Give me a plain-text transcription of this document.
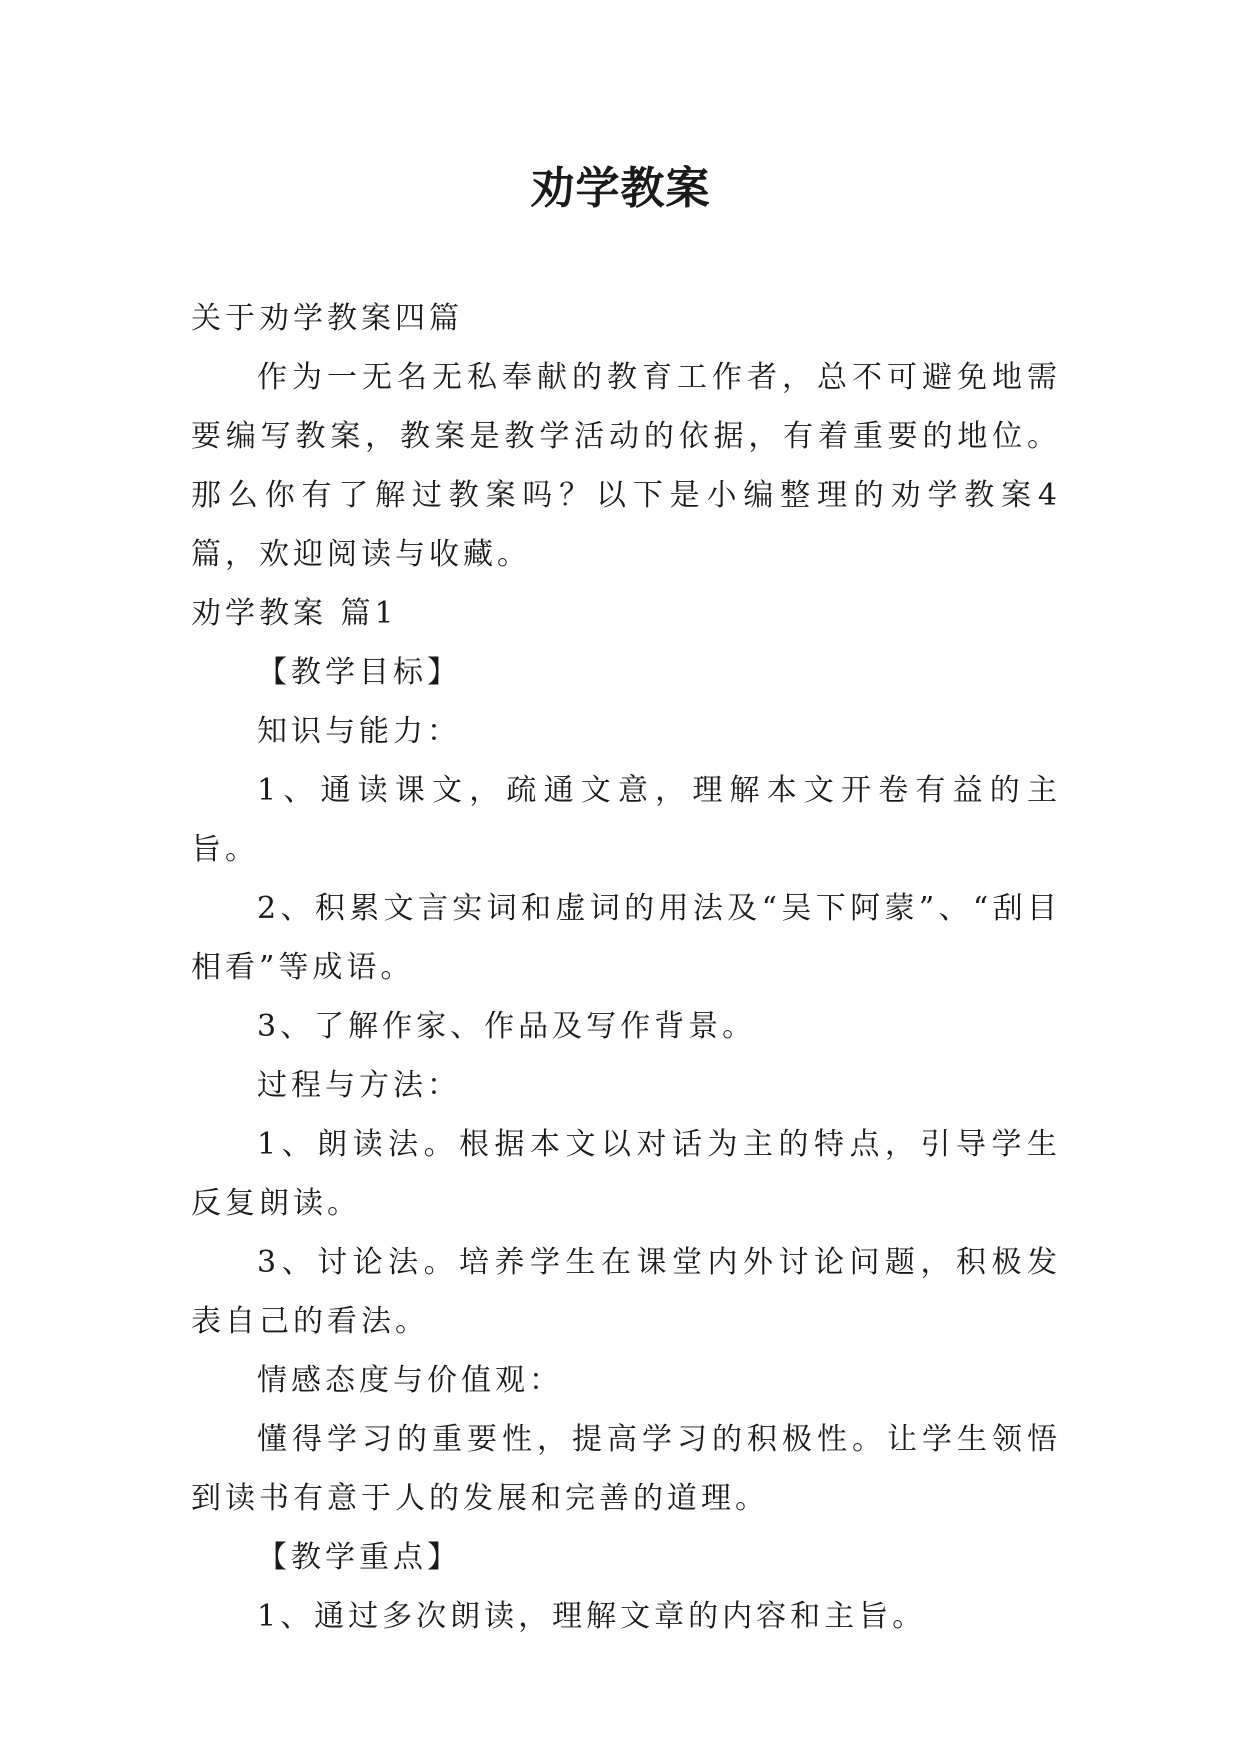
劝学教案

关于劝学教案四篇

作为一无名无私奉献的教育工作者，总不可避免地需要编写教案，教案是教学活动的依据，有着重要的地位。那么你有了解过教案吗？以下是小编整理的劝学教案4篇，欢迎阅读与收藏。

劝学教案 篇1

【教学目标】

知识与能力：

1、通读课文，疏通文意，理解本文开卷有益的主旨。

2、积累文言实词和虚词的用法及“吴下阿蒙”、“刮目相看”等成语。

3、了解作家、作品及写作背景。

过程与方法：

1、朗读法。根据本文以对话为主的特点，引导学生反复朗读。

3、讨论法。培养学生在课堂内外讨论问题，积极发表自己的看法。

情感态度与价值观：

懂得学习的重要性，提高学习的积极性。让学生领悟到读书有意于人的发展和完善的道理。

【教学重点】

1、通过多次朗读，理解文章的内容和主旨。
